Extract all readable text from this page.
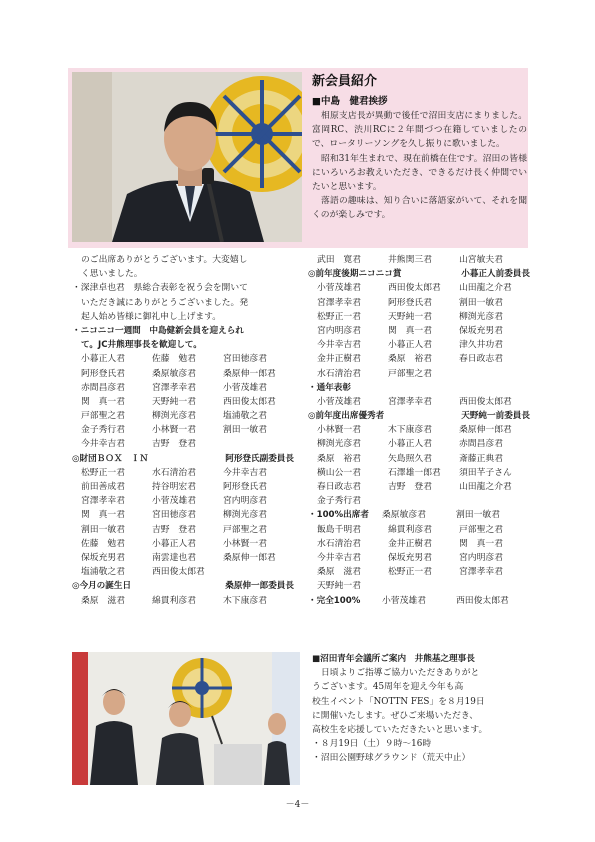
新会員紹介
■中島　健君挨拶

相原支店長が異動で後任で沼田支店にまりました。富岡RC、渋川RCに２年間づつ在籍していましたので、ロータリーソングを久し振りに歌いました。

昭和31年生まれで、現在前橋在住です。沼田の皆様にいろいろお教えいただき、できるだけ長く仲間でいたいと思います。

落語の趣味は、知り合いに落語家がいて、それを聞くのが楽しみです。

のご出席ありがとうございます。大変嬉し
く思いました。
・深津卓也君　県総合表彰を祝う会を開いて
いただき誠にありがとうございました。発
起人始め皆様に御礼申し上げます。
・ニコニコ一週間　中島健新会員を迎えられ
て。JC井熊理事長を歓迎して。
小暮正人君	佐藤　勉君	宮田徳彦君
阿形登氏君	桑原敏彦君	桑原伸一郎君
赤間昌彦君	宮澤孝幸君	小菅茂雄君
関　真一君	天野純一君	西田俊太郎君
戸部聖之君	柳渕光彦君	塩浦敬之君
金子秀行君	小林賢一君	割田一敏君
今井幸吉君	吉野　登君
◎財団ＢＯＸ　ＩＮ	阿形登氏副委員長
松野正一君	水石清治君	今井幸吉君
前田善成君	持谷明宏君	阿形登氏君
宮澤孝幸君	小菅茂雄君	宮内明彦君
関　真一君	宮田徳彦君	柳渕光彦君
割田一敏君	吉野　登君	戸部聖之君
佐藤　勉君	小暮正人君	小林賢一君
保坂充男君	南雲達也君	桑原伸一郎君
塩浦敬之君	西田俊太郎君
◎今月の誕生日	桑原伸一郎委員長
桑原　滋君	綿貫利彦君	木下康彦君
武田　寛君	井熊関三君	山宮敏夫君
◎前年度後期ニコニコ賞	小暮正人前委員長
小菅茂雄君	西田俊太郎君	山田龍之介君
宮澤孝幸君	阿形登氏君	割田一敏君
松野正一君	天野純一君	柳渕光彦君
宮内明彦君	関　真一君	保坂充男君
今井幸吉君	小暮正人君	津久井功君
金井正樹君	桑原　裕君	春日政志君
水石清治君	戸部聖之君
・通年表彰
小菅茂雄君	宮澤孝幸君	西田俊太郎君
◎前年度出席優秀者	天野純一前委員長
小林賢一君	木下康彦君	桑原伸一郎君
柳渕光彦君	小暮正人君	赤間昌彦君
桑原　裕君	矢島照久君	斎藤正典君
横山公一君	石澤雄一郎君	須田芊子さん
春日政志君	吉野　登君	山田龍之介君
金子秀行君
・100%出席者	桑原敏彦君	割田一敏君
飯島千明君	綿貫利彦君	戸部聖之君
水石清治君	金井正樹君	関　真一君
今井幸吉君	保坂充男君	宮内明彦君
桑原　滋君	松野正一君	宮澤孝幸君
天野純一君
・完全100%	小菅茂雄君	西田俊太郎君
■沼田青年会議所ご案内　井熊基之理事長
日頃よりご指導ご協力いただきありがと
うございます。45周年を迎え今年も高
校生イベント「NOTTN FES」を８月19日
に開催いたします。ぜひご来場いただき、
高校生を応援していただきたいと思います。
・８月19日（土）９時～16時
・沼田公園野球グラウンド（荒天中止）
－4－
